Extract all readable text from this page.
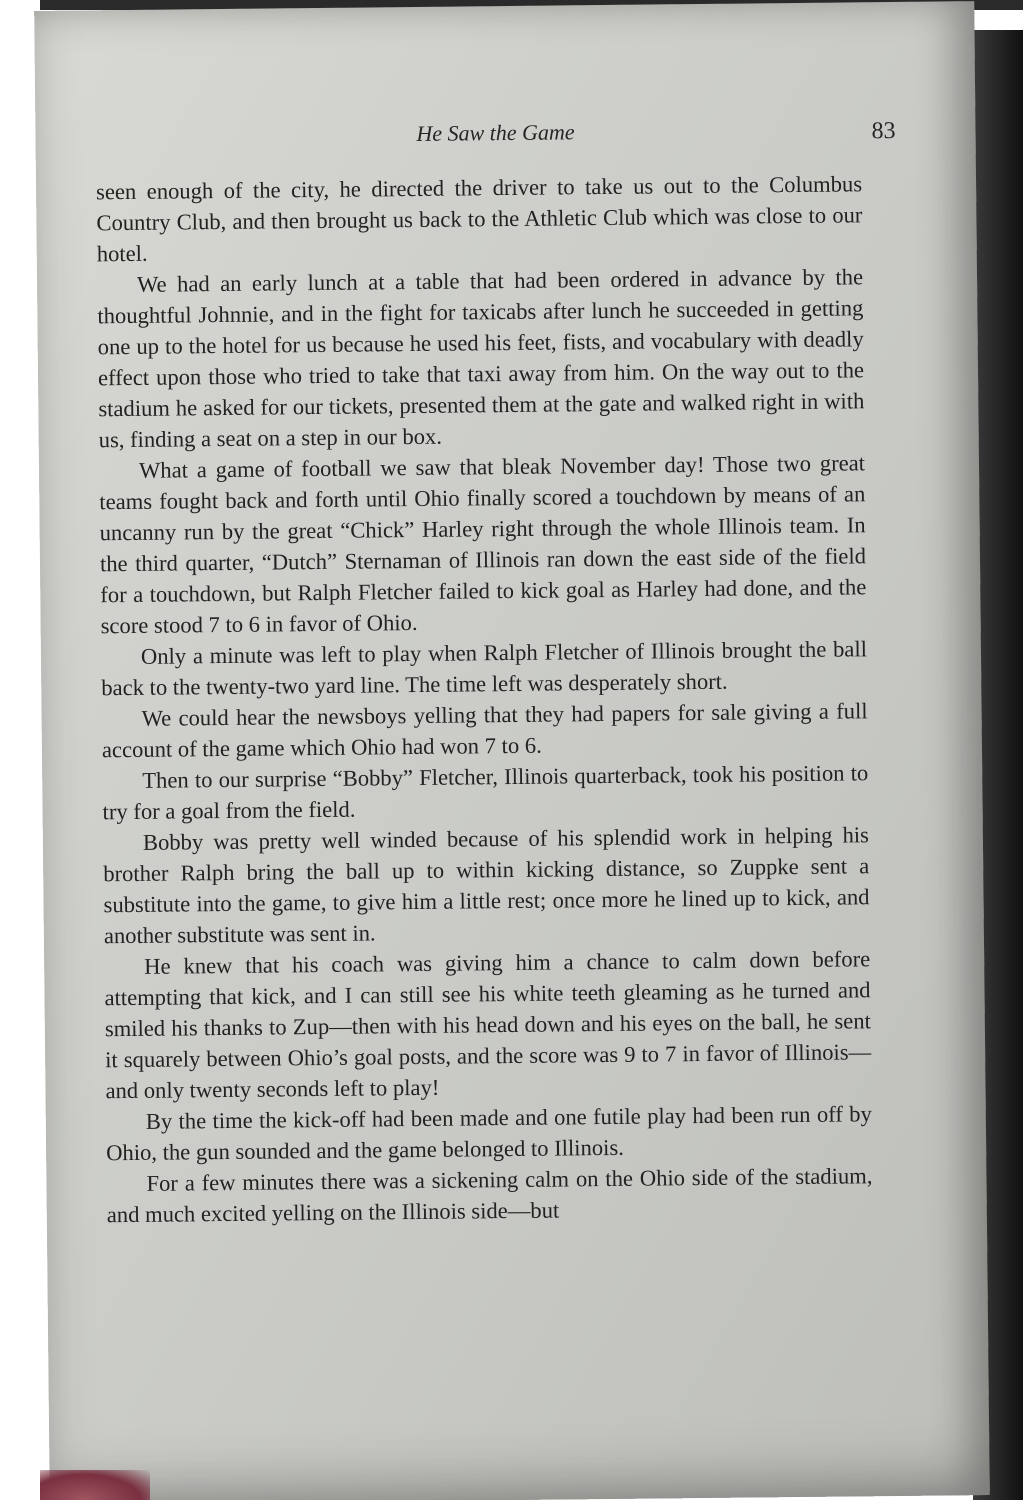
He Saw the Game	83

seen enough of the city, he directed the driver to take us out to the Columbus Country Club, and then brought us back to the Athletic Club which was close to our hotel.

We had an early lunch at a table that had been ordered in advance by the thoughtful Johnnie, and in the fight for taxicabs after lunch he succeeded in getting one up to the hotel for us because he used his feet, fists, and vocabulary with deadly effect upon those who tried to take that taxi away from him. On the way out to the stadium he asked for our tickets, presented them at the gate and walked right in with us, finding a seat on a step in our box.

What a game of football we saw that bleak November day! Those two great teams fought back and forth until Ohio finally scored a touchdown by means of an uncanny run by the great “Chick” Harley right through the whole Illinois team. In the third quarter, “Dutch” Sternaman of Illinois ran down the east side of the field for a touchdown, but Ralph Fletcher failed to kick goal as Harley had done, and the score stood 7 to 6 in favor of Ohio.

Only a minute was left to play when Ralph Fletcher of Illinois brought the ball back to the twenty-two yard line. The time left was desperately short.

We could hear the newsboys yelling that they had papers for sale giving a full account of the game which Ohio had won 7 to 6.

Then to our surprise “Bobby” Fletcher, Illinois quarterback, took his position to try for a goal from the field.

Bobby was pretty well winded because of his splendid work in helping his brother Ralph bring the ball up to within kicking distance, so Zuppke sent a substitute into the game, to give him a little rest; once more he lined up to kick, and another substitute was sent in.

He knew that his coach was giving him a chance to calm down before attempting that kick, and I can still see his white teeth gleaming as he turned and smiled his thanks to Zup—then with his head down and his eyes on the ball, he sent it squarely between Ohio’s goal posts, and the score was 9 to 7 in favor of Illinois—and only twenty seconds left to play!

By the time the kick-off had been made and one futile play had been run off by Ohio, the gun sounded and the game belonged to Illinois.

For a few minutes there was a sickening calm on the Ohio side of the stadium, and much excited yelling on the Illinois side—but
